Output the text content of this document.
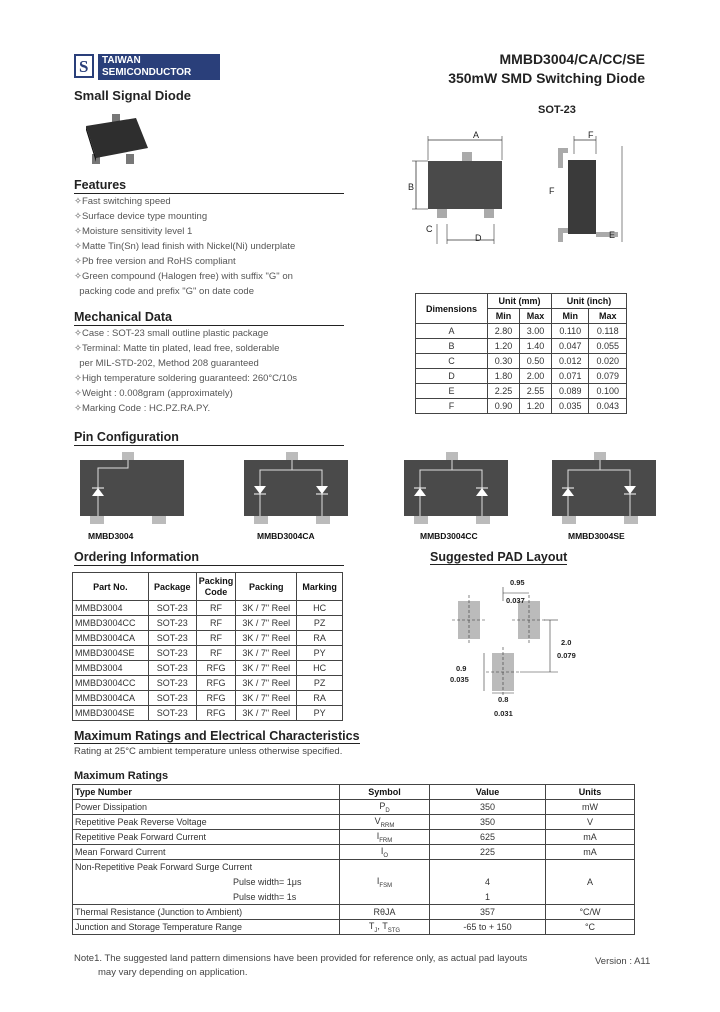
S TAIWAN
SEMICONDUCTOR
MMBD3004/CA/CC/SE
350mW SMD Switching Diode
Small Signal Diode
Features
✧Fast switching speed
✧Surface device type mounting
✧Moisture sensitivity level 1
✧Matte Tin(Sn) lead finish with Nickel(Ni) underplate
✧Pb free version and RoHS compliant
✧Green compound (Halogen free) with suffix "G" on
packing code and prefix "G" on date code
Mechanical Data
✧Case : SOT-23 small outline plastic package
✧Terminal: Matte tin plated, lead free, solderable
per MIL-STD-202, Method 208 guaranteed
✧High temperature soldering guaranteed: 260°C/10s
✧Weight : 0.008gram (approximately)
✧Marking Code : HC.PZ.RA.PY.
SOT-23
A
B
C
D	E
F
F
Dimensions	Unit (mm)		Unit (inch)	
	Min	Max	Min	Max
A	2.80	3.00	0.110	0.118
B	1.20	1.40	0.047	0.055
C	0.30	0.50	0.012	0.020
D	1.80	2.00	0.071	0.079
E	2.25	2.55	0.089	0.100
F	0.90	1.20	0.035	0.043
Pin Configuration
MMBD3004	MMBD3004CA	MMBD3004CC	MMBD3004SE
Ordering Information
Part No.	Package	Packing Code	Packing	Marking
MMBD3004	SOT-23	RF	3K / 7" Reel	HC
MMBD3004CC	SOT-23	RF	3K / 7" Reel	PZ
MMBD3004CA	SOT-23	RF	3K / 7" Reel	RA
MMBD3004SE	SOT-23	RF	3K / 7" Reel	PY
MMBD3004	SOT-23	RFG	3K / 7" Reel	HC
MMBD3004CC	SOT-23	RFG	3K / 7" Reel	PZ
MMBD3004CA	SOT-23	RFG	3K / 7" Reel	RA
MMBD3004SE	SOT-23	RFG	3K / 7" Reel	PY
Suggested PAD Layout
0.95
0.037
2.0
0.079
0.9
0.035
0.8
0.031
Maximum Ratings and Electrical Characteristics
Rating at 25°C ambient temperature unless otherwise specified.
Maximum Ratings
Type Number	Symbol	Value	Units
Power Dissipation	$P_D$	350	mW
Repetitive Peak Reverse Voltage	$V_{RRM}$	350	V
Repetitive Peak Forward Current	$I_{FRM}$	625	mA
Mean Forward Current	$I_O$	225	mA
Non-Repetitive Peak Forward Surge Current	$I_{FSM}$		A
Pulse width= 1μs		4	
Pulse width= 1s		1	
Thermal Resistance (Junction to Ambient)	RθJA	357	°C/W
Junction and Storage Temperature Range	$T_J$, $T_{STG}$	-65 to + 150	°C
Note1. The suggested land pattern dimensions have been provided for reference only, as actual pad layouts
may vary depending on application.
Version : A11
